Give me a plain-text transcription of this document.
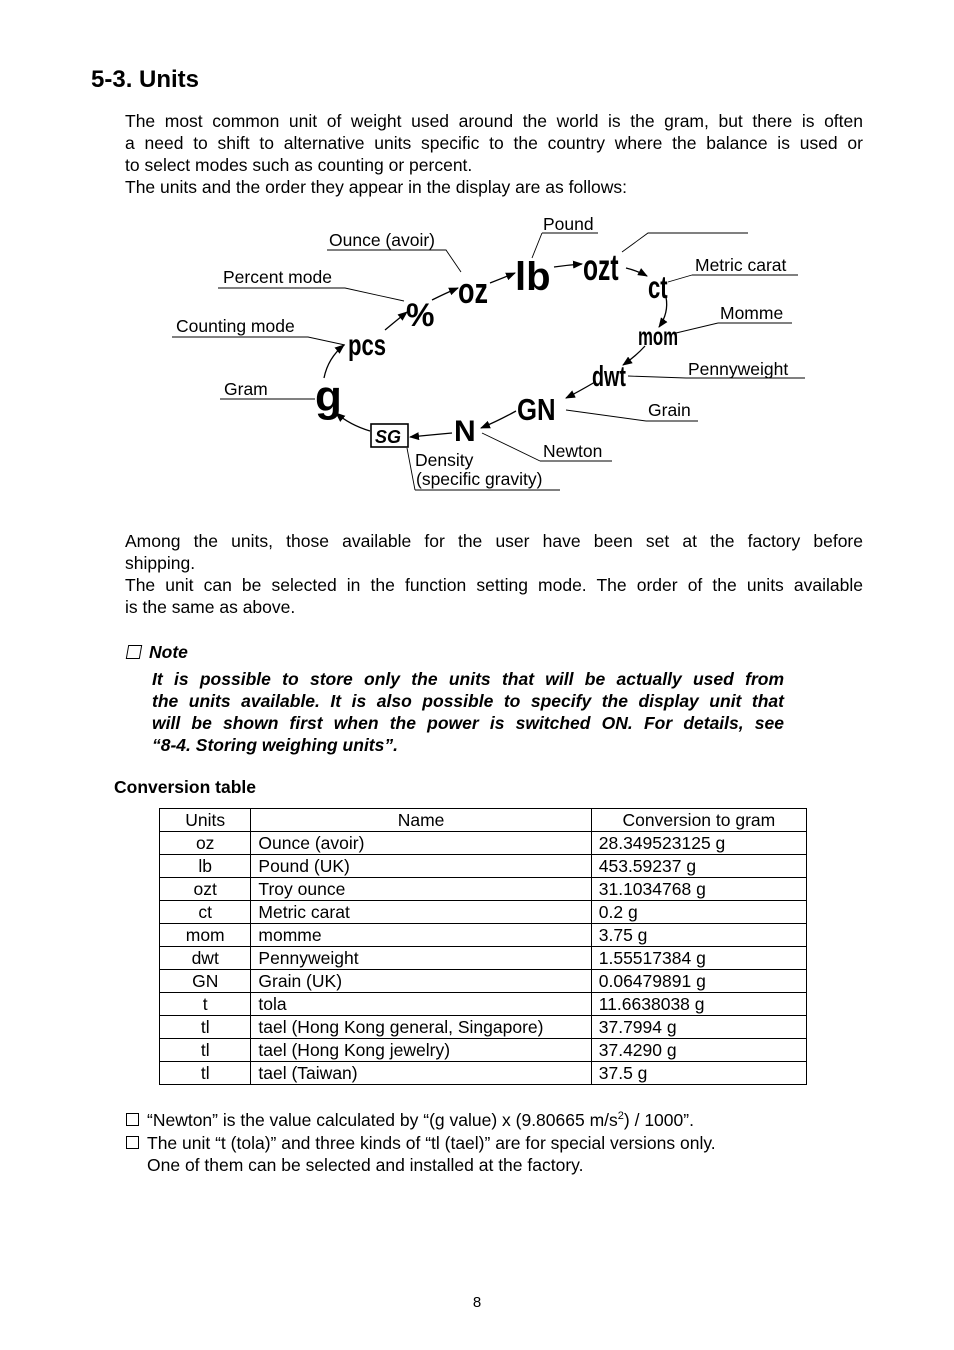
5-3. Units
The most common unit of weight used around the world is the gram, but there is often
a need to shift to alternative units specific to the country where the balance is used or
to select modes such as counting or percent.
The units and the order they appear in the display are as follows:
g
pcs
%
oz lb ozt ct
mom
dwt
GN
N
SG
Pound
Ounce (avoir)
Percent mode
Counting mode
Gram
Metric carat
Momme
Pennyweight
Grain
Newton
Density
(specific gravity)
Among the units, those available for the user have been set at the factory before
shipping.
The unit can be selected in the function setting mode. The order of the units available
is the same as above.
Note
It is possible to store only the units that will be actually used from
the units available. It is also possible to specify the display unit that
will be shown first when the power is switched ON. For details, see
“8-4. Storing weighing units”.
Conversion table
Units	Name	Conversion to gram
oz	Ounce (avoir)	28.349523125 g
lb	Pound (UK)	453.59237 g
ozt	Troy ounce	31.1034768 g
ct	Metric carat	0.2 g
mom	momme	3.75 g
dwt	Pennyweight	1.55517384 g
GN	Grain (UK)	0.06479891 g
t	tola	11.6638038 g
tl	tael (Hong Kong general, Singapore)	37.7994 g
tl	tael (Hong Kong jewelry)	37.4290 g
tl	tael (Taiwan)	37.5 g
“Newton” is the value calculated by “(g value) x (9.80665 $m/s^2) / 1000$”.
The unit “t (tola)” and three kinds of “tl (tael)” are for special versions only.
One of them can be selected and installed at the factory.
8
